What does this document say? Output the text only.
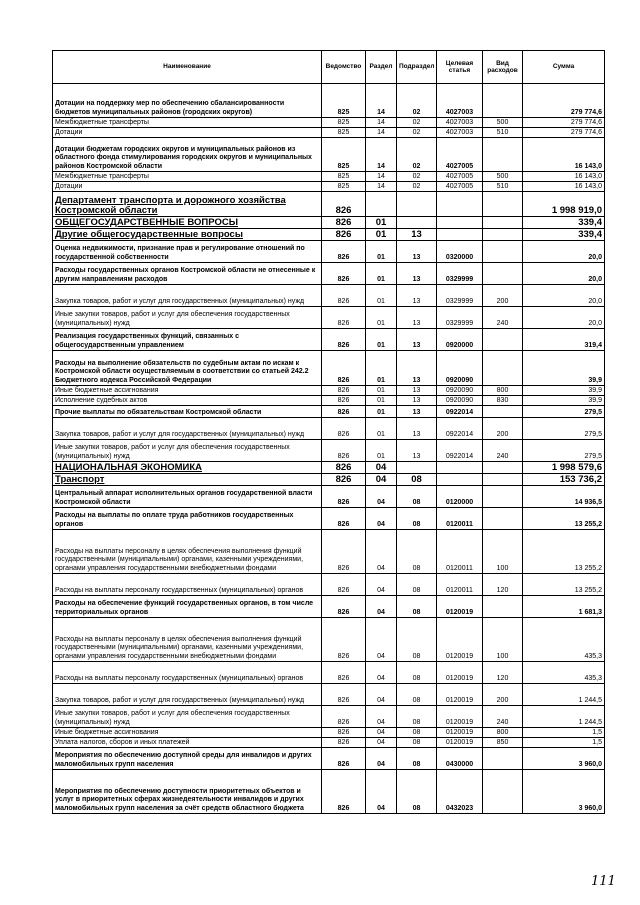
Наименование	Ведомство	Раздел	Подраздел	Целевая статья	Вид расходов	Сумма
Дотации на поддержку мер по обеспечению сбалансированности бюджетов муниципальных районов (городских округов)	825	14	02	4027003		279 774,6
Межбюджетные трансферты	825	14	02	4027003	500	279 774,6
Дотации	825	14	02	4027003	510	279 774,6
Дотации бюджетам городских округов и муниципальных районов из областного фонда стимулирования городских округов и муниципальных районов Костромской области	825	14	02	4027005		16 143,0
Межбюджетные трансферты	825	14	02	4027005	500	16 143,0
Дотации	825	14	02	4027005	510	16 143,0
Департамент транспорта и дорожного хозяйства Костромской области	826					1 998 919,0
ОБЩЕГОСУДАРСТВЕННЫЕ ВОПРОСЫ	826	01				339,4
Другие общегосударственные вопросы	826	01	13			339,4
Оценка недвижимости, признание прав и регулирование отношений по государственной собственности	826	01	13	0320000		20,0
Расходы государственных органов Костромской области не отнесенные к другим направлениям расходов	826	01	13	0329999		20,0
Закупка товаров, работ и услуг для государственных (муниципальных) нужд	826	01	13	0329999	200	20,0
Иные закупки товаров, работ и услуг для обеспечения государственных (муниципальных) нужд	826	01	13	0329999	240	20,0
Реализация государственных функций, связанных с общегосударственным управлением	826	01	13	0920000		319,4
Расходы на выполнение обязательств по судебным актам по искам к Костромской области осуществляемым в соответствии со статьей 242.2 Бюджетного кодекса Российской Федерации	826	01	13	0920090		39,9
Иные бюджетные ассигнования	826	01	13	0920090	800	39,9
Исполнение судебных актов	826	01	13	0920090	830	39,9
Прочие выплаты по обязательствам Костромской области	826	01	13	0922014		279,5
Закупка товаров, работ и услуг для государственных (муниципальных) нужд	826	01	13	0922014	200	279,5
Иные закупки товаров, работ и услуг для обеспечения государственных (муниципальных) нужд	826	01	13	0922014	240	279,5
НАЦИОНАЛЬНАЯ ЭКОНОМИКА	826	04				1 998 579,6
Транспорт	826	04	08			153 736,2
Центральный аппарат исполнительных органов государственной власти Костромской области	826	04	08	0120000		14 936,5
Расходы на выплаты по оплате труда работников государственных органов	826	04	08	0120011		13 255,2
Расходы на выплаты персоналу в целях обеспечения выполнения функций государственными (муниципальными) органами, казенными учреждениями, органами управления государственными внебюджетными фондами	826	04	08	0120011	100	13 255,2
Расходы на выплаты персоналу государственных (муниципальных) органов	826	04	08	0120011	120	13 255,2
Расходы на обеспечение функций государственных органов, в том числе территориальных органов	826	04	08	0120019		1 681,3
Расходы на выплаты персоналу в целях обеспечения выполнения функций государственными (муниципальными) органами, казенными учреждениями, органами управления государственными внебюджетными фондами	826	04	08	0120019	100	435,3
Расходы на выплаты персоналу государственных (муниципальных) органов	826	04	08	0120019	120	435,3
Закупка товаров, работ и услуг для государственных (муниципальных) нужд	826	04	08	0120019	200	1 244,5
Иные закупки товаров, работ и услуг для обеспечения государственных (муниципальных) нужд	826	04	08	0120019	240	1 244,5
Иные бюджетные ассигнования	826	04	08	0120019	800	1,5
Уплата налогов, сборов и иных платежей	826	04	08	0120019	850	1,5
Мероприятия по обеспечению доступной среды для инвалидов и других маломобильных групп населения	826	04	08	0430000		3 960,0
Мероприятия по обеспечению доступности приоритетных объектов и услуг в приоритетных сферах жизнедеятельности инвалидов и других маломобильных групп населения за счёт средств областного бюджета	826	04	08	0432023		3 960,0
111
